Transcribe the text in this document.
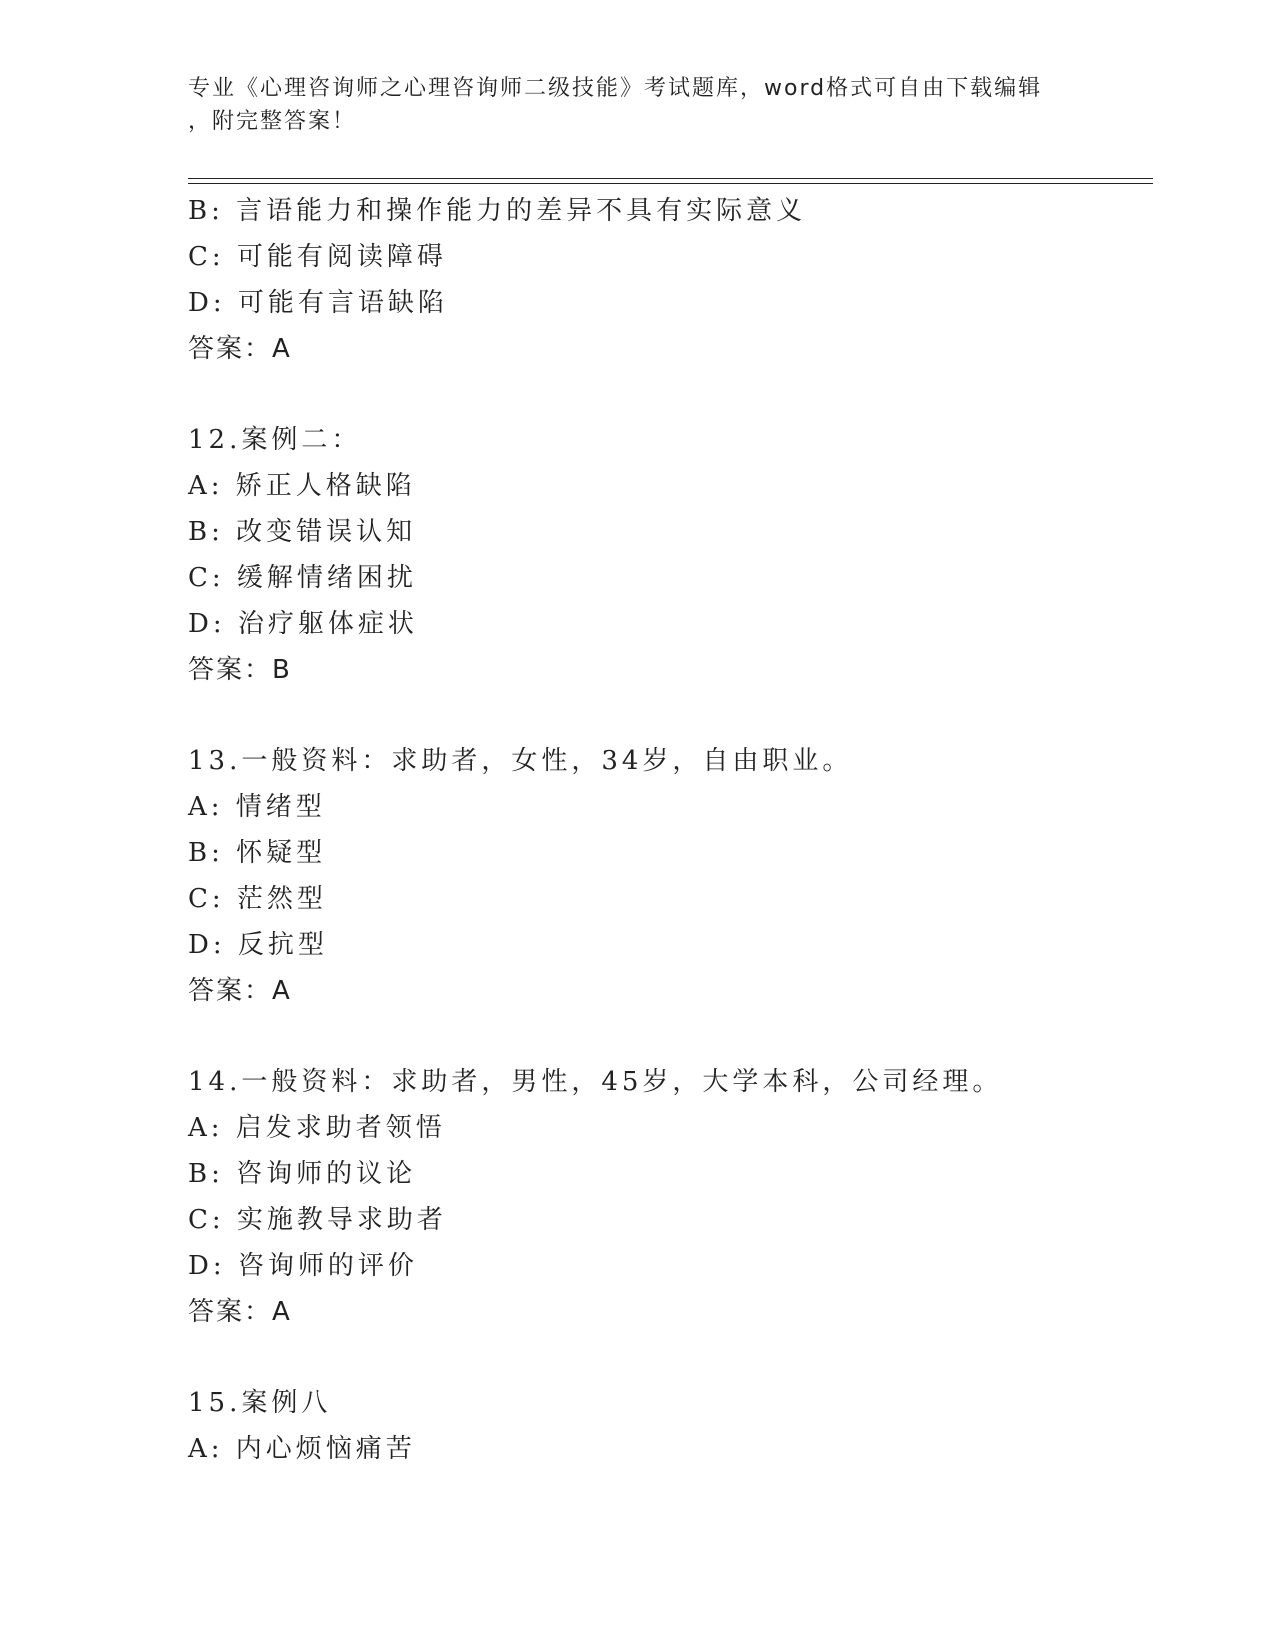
专业《心理咨询师之心理咨询师二级技能》考试题库，word格式可自由下载编辑
，附完整答案！
B: 言语能力和操作能力的差异不具有实际意义
C: 可能有阅读障碍
D: 可能有言语缺陷
答案：A
12.案例二：
A: 矫正人格缺陷
B: 改变错误认知
C: 缓解情绪困扰
D: 治疗躯体症状
答案：B
13.一般资料：求助者，女性，34岁，自由职业。
A: 情绪型
B: 怀疑型
C: 茫然型
D: 反抗型
答案：A
14.一般资料：求助者，男性，45岁，大学本科，公司经理。
A: 启发求助者领悟
B: 咨询师的议论
C: 实施教导求助者
D: 咨询师的评价
答案：A
15.案例八
A: 内心烦恼痛苦
